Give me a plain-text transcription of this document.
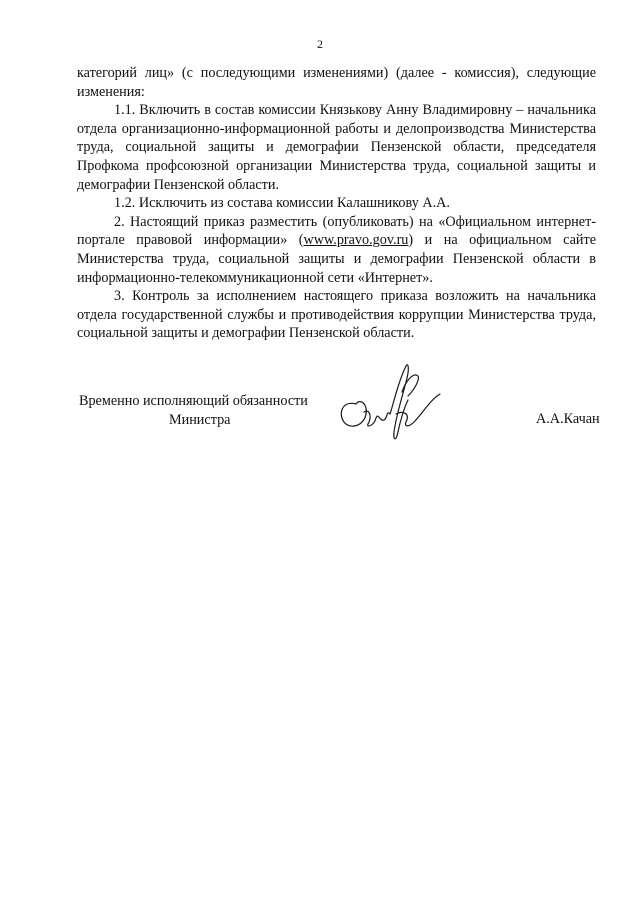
2

категорий лиц» (с последующими изменениями) (далее - комиссия), следующие изменения:

1.1. Включить в состав комиссии Князькову Анну Владимировну – начальника отдела организационно-информационной работы и делопроизводства Министерства труда, социальной защиты и демографии Пензенской области, председателя Профкома профсоюзной организации Министерства труда, социальной защиты и демографии Пензенской области.

1.2. Исключить из состава комиссии Калашникову А.А.

2. Настоящий приказ разместить (опубликовать) на «Официальном интернет-портале правовой информации» (www.pravo.gov.ru) и на официальном сайте Министерства труда, социальной защиты и демографии Пензенской области в информационно-телекоммуникационной сети «Интернет».

3. Контроль за исполнением настоящего приказа возложить на начальника отдела государственной службы и противодействия коррупции Министерства труда, социальной защиты и демографии Пензенской области.

Временно исполняющий обязанности
Министра	А.А.Качан
